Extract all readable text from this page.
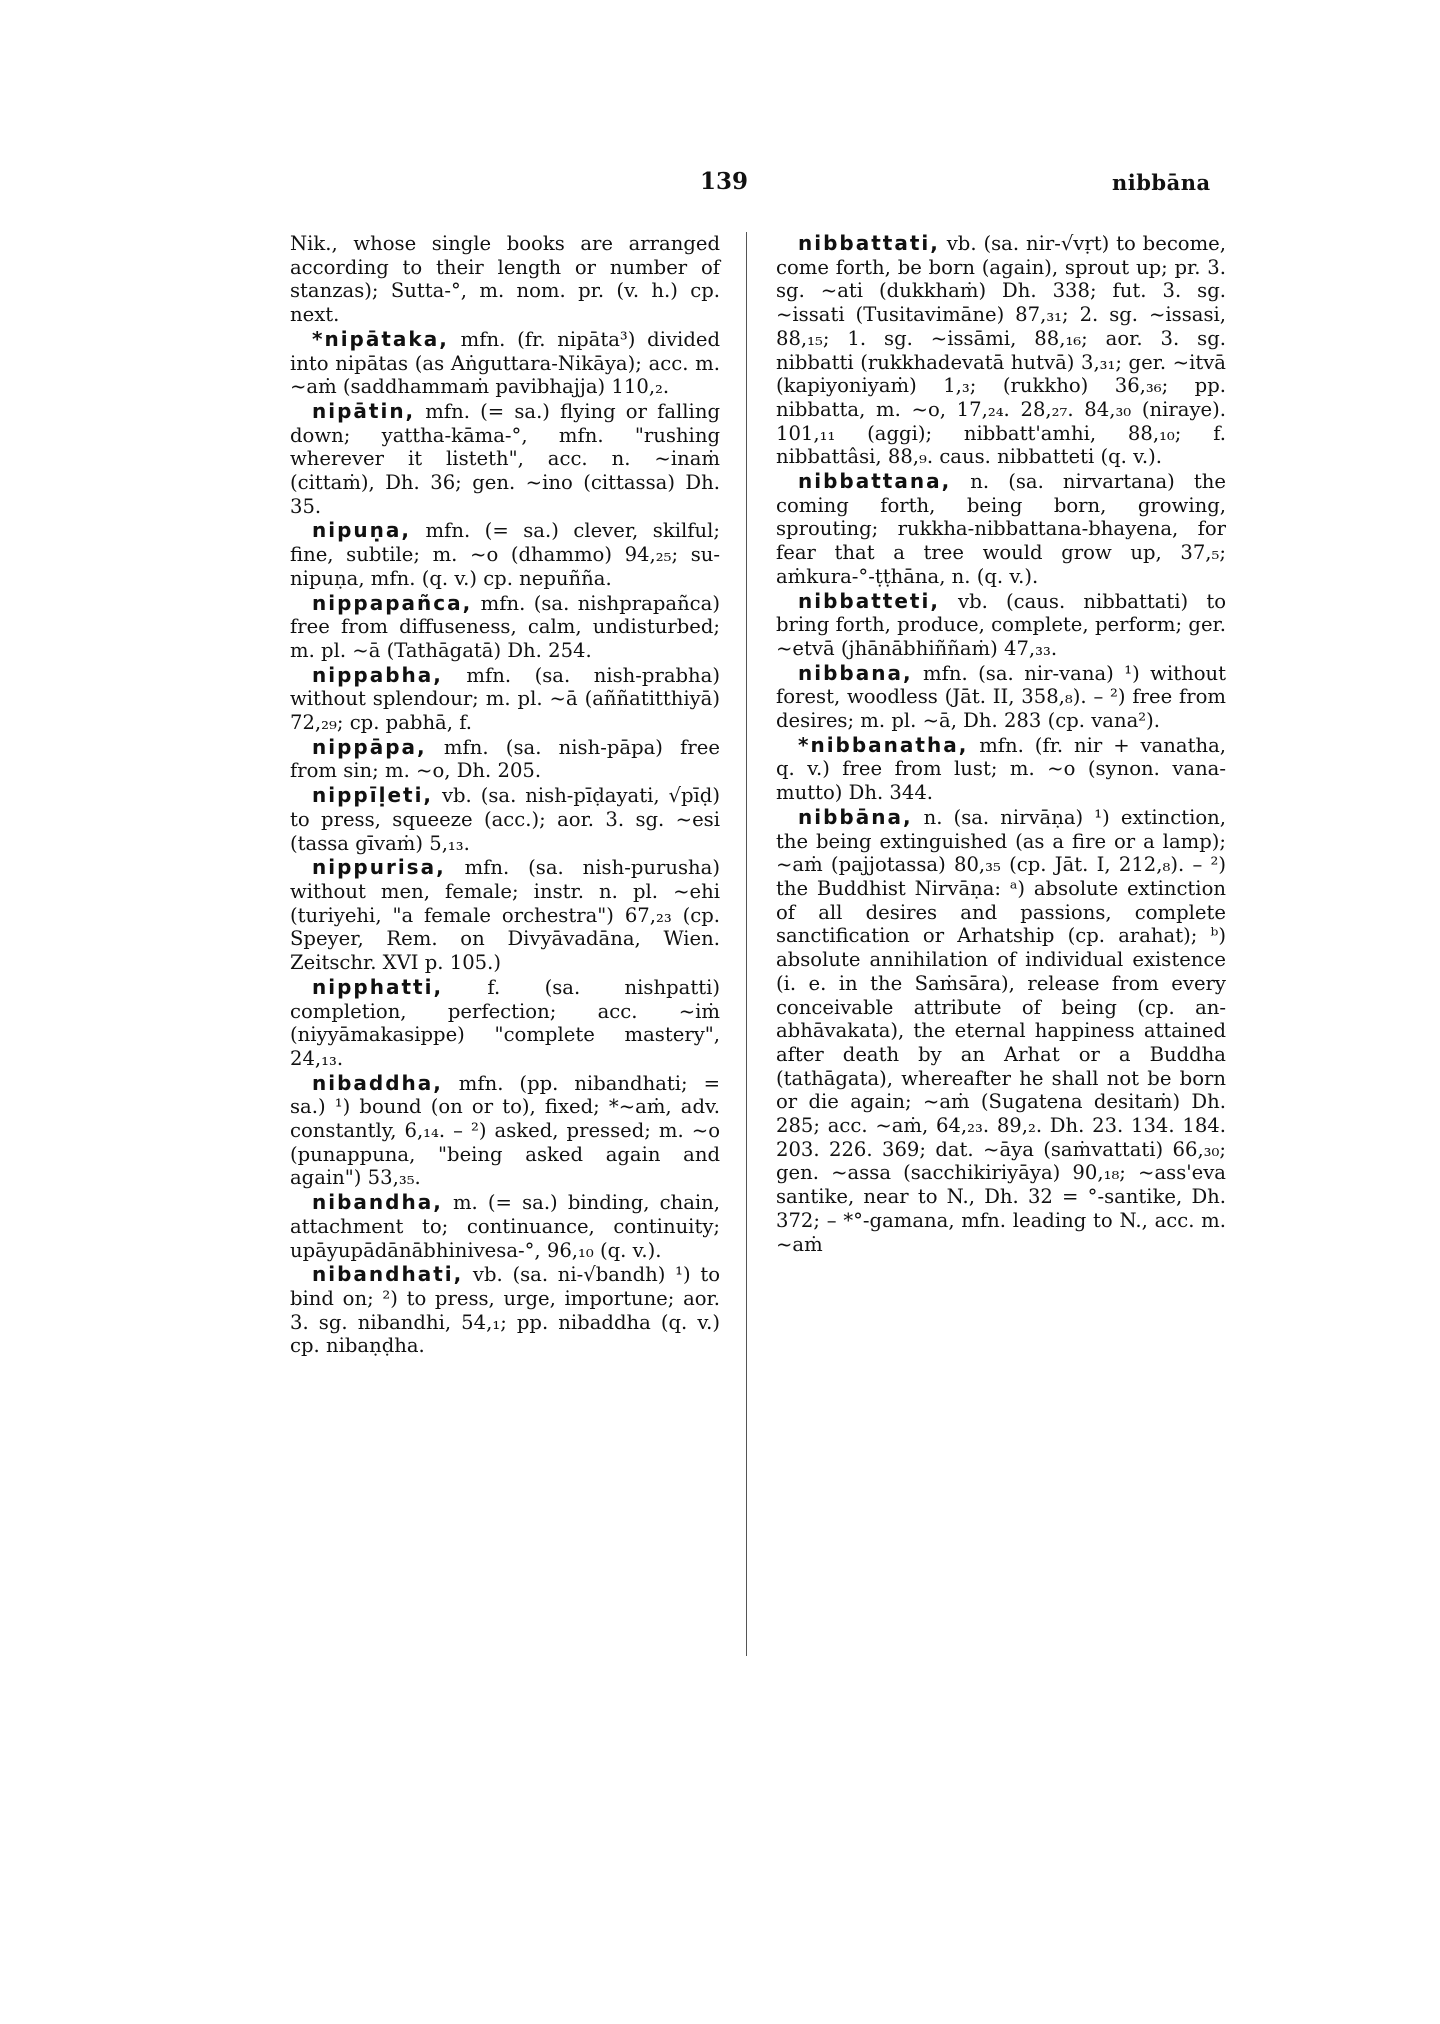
139	nibbāna

Nik., whose single books are arranged according to their length or number of stanzas); Sutta-°, m. nom. pr. (v. h.) cp. next.

*nipātaka, mfn. (fr. nipāta³) divided into nipātas (as Aṅguttara-Nikāya); acc. m. ~aṁ (saddhammaṁ pavibhajja) 110,₂.

nipātin, mfn. (= sa.) flying or falling down; yattha-kāma-°, mfn. "rushing wherever it listeth", acc. n. ~inaṁ (cittaṁ), Dh. 36; gen. ~ino (cittassa) Dh. 35.

nipuṇa, mfn. (= sa.) clever, skilful; fine, subtile; m. ~o (dhammo) 94,₂₅; su-nipuṇa, mfn. (q. v.) cp. nepuñña.

nippapañca, mfn. (sa. nishprapañca) free from diffuseness, calm, undisturbed; m. pl. ~ā (Tathāgatā) Dh. 254.

nippabha, mfn. (sa. nish-prabha) without splendour; m. pl. ~ā (aññatitthiyā) 72,₂₉; cp. pabhā, f.

nippāpa, mfn. (sa. nish-pāpa) free from sin; m. ~o, Dh. 205.

nippīḷeti, vb. (sa. nish-pīḍayati, √pīḍ) to press, squeeze (acc.); aor. 3. sg. ~esi (tassa gīvaṁ) 5,₁₃.

nippurisa, mfn. (sa. nish-purusha) without men, female; instr. n. pl. ~ehi (turiyehi, "a female orchestra") 67,₂₃ (cp. Speyer, Rem. on Divyāvadāna, Wien. Zeitschr. XVI p. 105.)

nipphatti, f. (sa. nishpatti) completion, perfection; acc. ~iṁ (niyyāmakasippe) "complete mastery", 24,₁₃.

nibaddha, mfn. (pp. nibandhati; = sa.) ¹) bound (on or to), fixed; *~aṁ, adv. constantly, 6,₁₄. – ²) asked, pressed; m. ~o (punappuna, "being asked again and again") 53,₃₅.

nibandha, m. (= sa.) binding, chain, attachment to; continuance, continuity; upāyupādānābhinivesa-°, 96,₁₀ (q. v.).

nibandhati, vb. (sa. ni-√bandh) ¹) to bind on; ²) to press, urge, importune; aor. 3. sg. nibandhi, 54,₁; pp. nibaddha (q. v.) cp. nibaṇḍha.

nibbattati, vb. (sa. nir-√vṛt) to become, come forth, be born (again), sprout up; pr. 3. sg. ~ati (dukkhaṁ) Dh. 338; fut. 3. sg. ~issati (Tusitavimāne) 87,₃₁; 2. sg. ~issasi, 88,₁₅; 1. sg. ~issāmi, 88,₁₆; aor. 3. sg. nibbatti (rukkhadevatā hutvā) 3,₃₁; ger. ~itvā (kapiyoniyaṁ) 1,₃; (rukkho) 36,₃₆; pp. nibbatta, m. ~o, 17,₂₄. 28,₂₇. 84,₃₀ (niraye). 101,₁₁ (aggi); nibbatt'amhi, 88,₁₀; f. nibbattâsi, 88,₉. caus. nibbatteti (q. v.).

nibbattana, n. (sa. nirvartana) the coming forth, being born, growing, sprouting; rukkha-nibbattana-bhayena, for fear that a tree would grow up, 37,₅; aṁkura-°-ṭṭhāna, n. (q. v.).

nibbatteti, vb. (caus. nibbattati) to bring forth, produce, complete, perform; ger. ~etvā (jhānābhiññaṁ) 47,₃₃.

nibbana, mfn. (sa. nir-vana) ¹) without forest, woodless (Jāt. II, 358,₈). – ²) free from desires; m. pl. ~ā, Dh. 283 (cp. vana²).

*nibbanatha, mfn. (fr. nir + vanatha, q. v.) free from lust; m. ~o (synon. vana-mutto) Dh. 344.

nibbāna, n. (sa. nirvāṇa) ¹) extinction, the being extinguished (as a fire or a lamp); ~aṁ (pajjotassa) 80,₃₅ (cp. Jāt. I, 212,₈). – ²) the Buddhist Nirvāṇa: ᵃ) absolute extinction of all desires and passions, complete sanctification or Arhatship (cp. arahat); ᵇ) absolute annihilation of individual existence (i. e. in the Saṁsāra), release from every conceivable attribute of being (cp. an-abhāvakata), the eternal happiness attained after death by an Arhat or a Buddha (tathāgata), whereafter he shall not be born or die again; ~aṁ (Sugatena desitaṁ) Dh. 285; acc. ~aṁ, 64,₂₃. 89,₂. Dh. 23. 134. 184. 203. 226. 369; dat. ~āya (saṁvattati) 66,₃₀; gen. ~assa (sacchikiriyāya) 90,₁₈; ~ass'eva santike, near to N., Dh. 32 = °-santike, Dh. 372; – *°-gamana, mfn. leading to N., acc. m. ~aṁ
